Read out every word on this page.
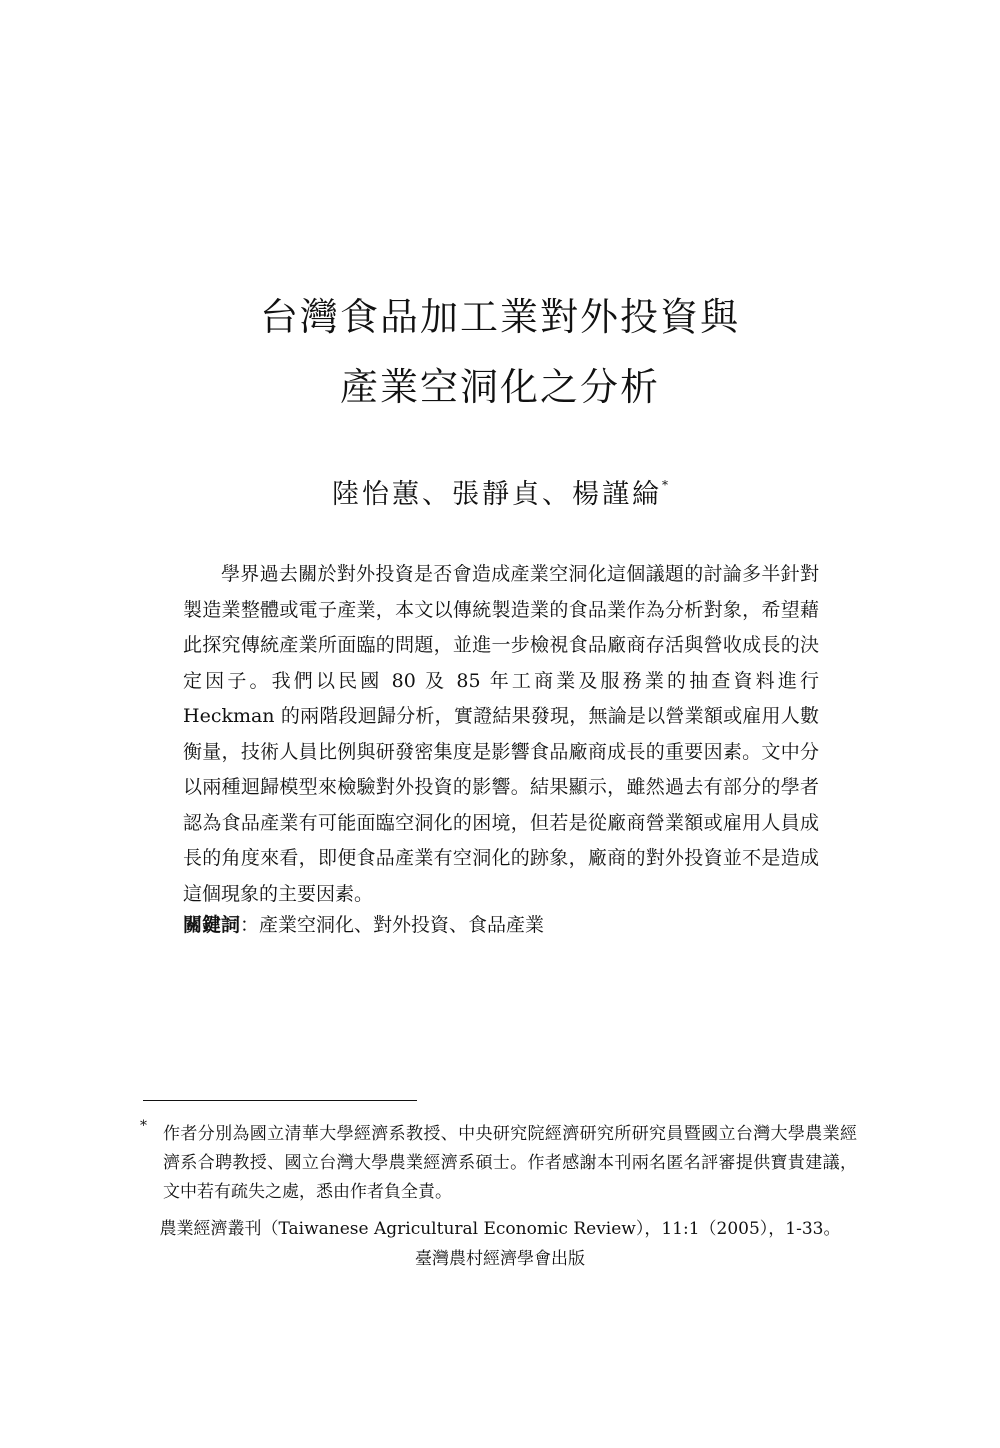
台灣食品加工業對外投資與
產業空洞化之分析
陸怡蕙、張靜貞、楊謹綸*

學界過去關於對外投資是否會造成產業空洞化這個議題的討論多半針對製造業整體或電子產業，本文以傳統製造業的食品業作為分析對象，希望藉此探究傳統產業所面臨的問題，並進一步檢視食品廠商存活與營收成長的決定因子。我們以民國 80 及 85 年工商業及服務業的抽查資料進行 Heckman 的兩階段迴歸分析，實證結果發現，無論是以營業額或雇用人數衡量，技術人員比例與研發密集度是影響食品廠商成長的重要因素。文中分以兩種迴歸模型來檢驗對外投資的影響。結果顯示，雖然過去有部分的學者認為食品產業有可能面臨空洞化的困境，但若是從廠商營業額或雇用人員成長的角度來看，即便食品產業有空洞化的跡象，廠商的對外投資並不是造成這個現象的主要因素。

關鍵詞：產業空洞化、對外投資、食品產業
* 作者分別為國立清華大學經濟系教授、中央研究院經濟研究所研究員暨國立台灣大學農業經濟系合聘教授、國立台灣大學農業經濟系碩士。作者感謝本刊兩名匿名評審提供寶貴建議，文中若有疏失之處，悉由作者負全責。

農業經濟叢刊（Taiwanese Agricultural Economic Review），11:1（2005），1-33。
臺灣農村經濟學會出版
